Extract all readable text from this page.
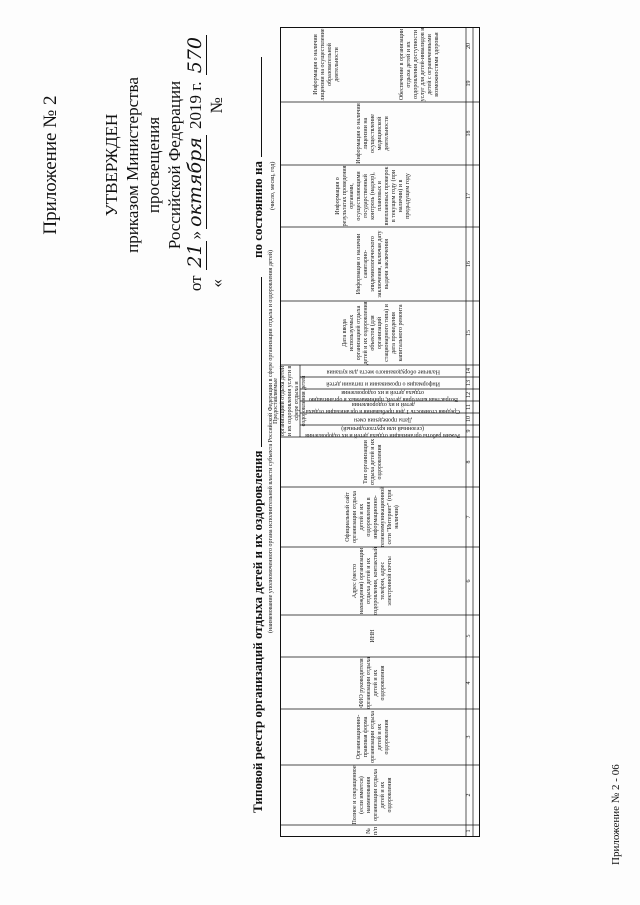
Приложение № 2 УТВЕРЖДЕН приказом Министерства просвещения Российской Федерации
от «
21
»
октября
2019 г. №
570
Типовой реестр организаций отдыха детей и их оздоровления
по состоянию на
(наименование уполномоченного органа исполнительной власти субъекта Российской Федерации в сфере организации отдыха и оздоровления детей)
(число, месяц, год)
№ п/п
Полное и сокращенное (если имеется) наименования организации отдыха детей и их оздоровления
Организационно-правовая форма организации отдыха детей и их оздоровления
ФИО руководителя организации отдыха детей и их оздоровления
ИНН
Адрес (место нахождения) организации отдыха детей и их оздоровления, контактный телефон, адрес электронной почты
Официальный сайт организации отдыха детей и их оздоровления в информационно-телекоммуникационной сети "Интернет" (при наличии)
Тип организации отдыха детей и их оздоровления
Предоставляемые организацией отдыха детей и их оздоровления услуги в сфере отдыха и оздоровления детей
Режим работы организации отдыха детей и их оздоровления (сезонный или круглогодичный)
Даты проведения смен
Средняя стоимость 1 дня пребывания в организации отдыха детей и их оздоровления
Возрастная категория детей, принимаемых в организацию отдыха детей и их оздоровления
Информация о проживании и питании детей
Наличие оборудованного места для купания
Дата ввода используемых организацией отдыха детей и их оздоровления объектов (для организаций стационарного типа) и дата проведения капитального ремонта
Информация о наличии санитарно-эпидемиологического заключения, включая дату выдачи заключения
Информация о результатах проведения органами, осуществляющими государственный контроль (надзор), плановых и внеплановых проверок в текущем году (при наличии) и в предыдущем году
Информация о наличии лицензии на осуществление медицинской деятельности
Информация о наличии лицензии на осуществление образовательной деятельности	Обеспечение в организации отдыха детей и их оздоровления доступности услуг для детей-инвалидов и детей с ограниченными возможностями здоровья
1
2
3
4
5
6
7
8
9
10
11
12
13
14
15
16
17
18
19
20
Приложение № 2 - 06
